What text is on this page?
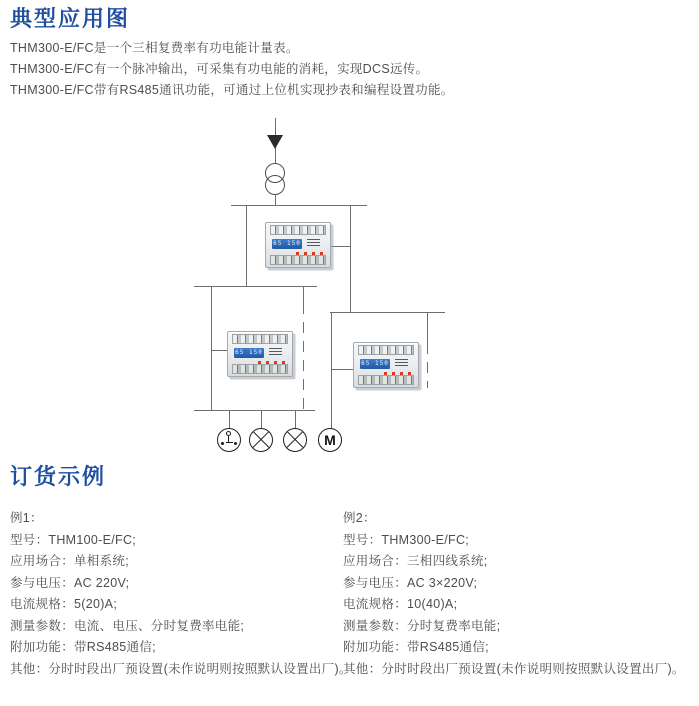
典型应用图

THM300-E/FC是一个三相复费率有功电能计量表。

THM300-E/FC有一个脉冲输出，可采集有功电能的消耗，实现DCS远传。

THM300-E/FC带有RS485通讯功能，可通过上位机实现抄表和编程设置功能。

65 150
65 150
65 150
M
订货示例

例1：

型号：THM100-E/FC;

应用场合：单相系统;

参与电压：AC 220V;

电流规格：5(20)A;

测量参数：电流、电压、分时复费率电能;

附加功能：带RS485通信;

其他：分时时段出厂预设置(未作说明则按照默认设置出厂)。

例2：

型号：THM300-E/FC;

应用场合：三相四线系统;

参与电压：AC 3×220V;

电流规格：10(40)A;

测量参数：分时复费率电能;

附加功能：带RS485通信;

其他：分时时段出厂预设置(未作说明则按照默认设置出厂)。
